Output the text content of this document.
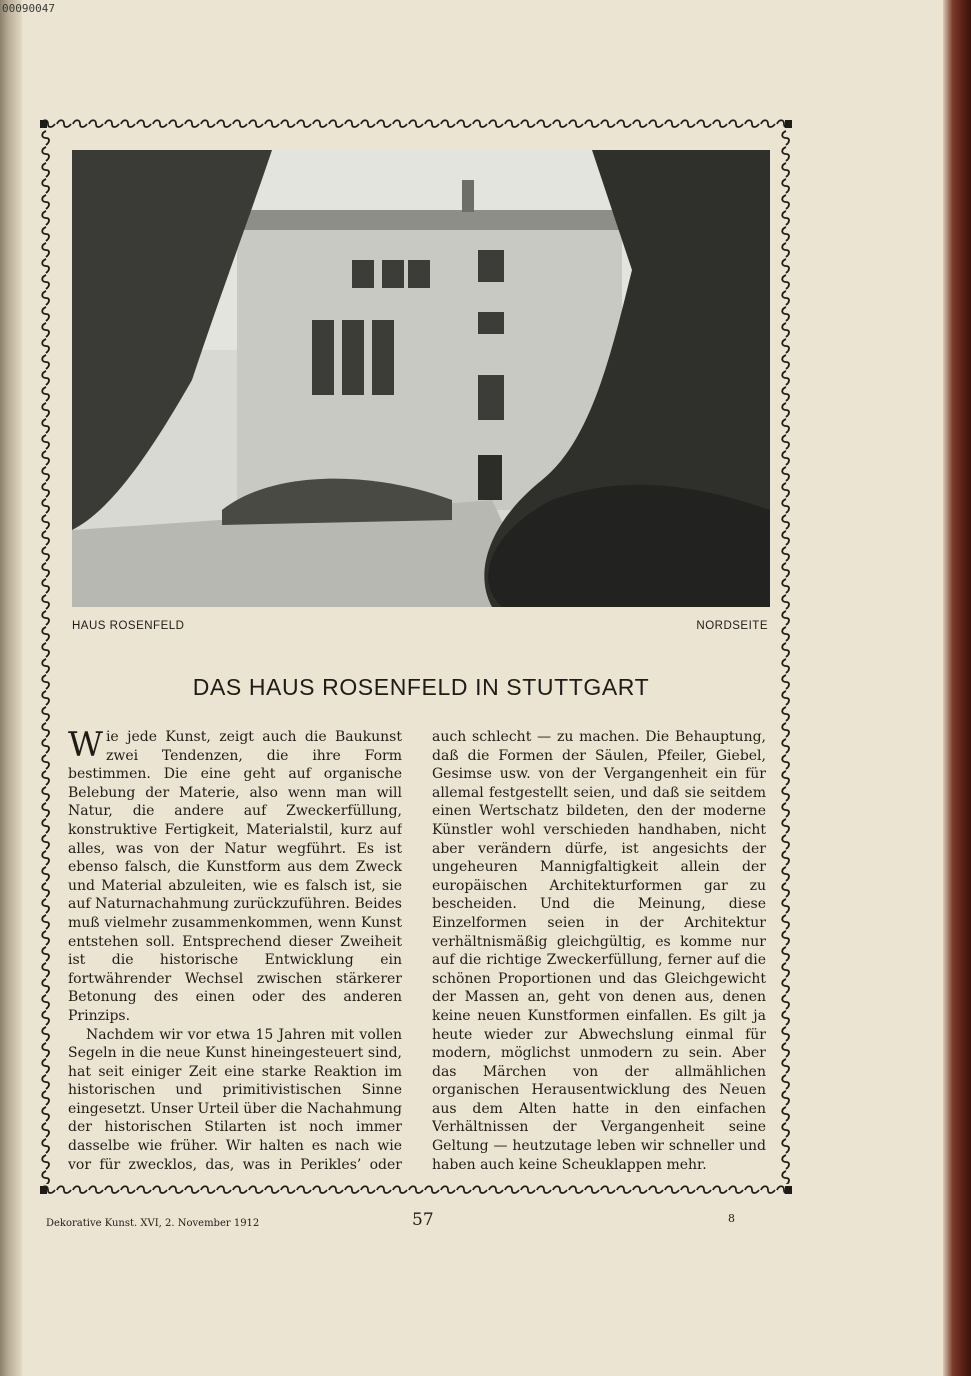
00090047
HAUS ROSENFELD	NORDSEITE
DAS HAUS ROSENFELD IN STUTTGART

Wie jede Kunst, zeigt auch die Baukunst zwei Tendenzen, die ihre Form bestimmen. Die eine geht auf organische Belebung der Materie, also wenn man will Natur, die andere auf Zweckerfüllung, konstruktive Fertigkeit, Materialstil, kurz auf alles, was von der Natur wegführt. Es ist ebenso falsch, die Kunstform aus dem Zweck und Material abzuleiten, wie es falsch ist, sie auf Naturnachahmung zurückzuführen. Beides muß vielmehr zusammenkommen, wenn Kunst entstehen soll. Entsprechend dieser Zweiheit ist die historische Entwicklung ein fortwährender Wechsel zwischen stärkerer Betonung des einen oder des anderen Prinzips.

Nachdem wir vor etwa 15 Jahren mit vollen Segeln in die neue Kunst hineingesteuert sind, hat seit einiger Zeit eine starke Reaktion im historischen und primitivistischen Sinne eingesetzt. Unser Urteil über die Nachahmung der historischen Stilarten ist noch immer dasselbe wie früher. Wir halten es nach wie vor für zwecklos, das, was in Perikles’ oder

auch schlecht — zu machen. Die Behauptung, daß die Formen der Säulen, Pfeiler, Giebel, Gesimse usw. von der Vergangenheit ein für allemal festgestellt seien, und daß sie seitdem einen Wertschatz bildeten, den der moderne Künstler wohl verschieden handhaben, nicht aber verändern dürfe, ist angesichts der ungeheuren Mannigfaltigkeit allein der europäischen Architekturformen gar zu bescheiden. Und die Meinung, diese Einzelformen seien in der Architektur verhältnismäßig gleichgültig, es komme nur auf die richtige Zweckerfüllung, ferner auf die schönen Proportionen und das Gleichgewicht der Massen an, geht von denen aus, denen keine neuen Kunstformen einfallen. Es gilt ja heute wieder zur Abwechslung einmal für modern, möglichst unmodern zu sein. Aber das Märchen von der allmählichen organischen Herausentwicklung des Neuen aus dem Alten hatte in den einfachen Verhältnissen der Vergangenheit seine Geltung — heutzutage leben wir schneller und haben auch keine Scheuklappen mehr.

Dekorative Kunst. XVI, 2. November 1912	57	8
